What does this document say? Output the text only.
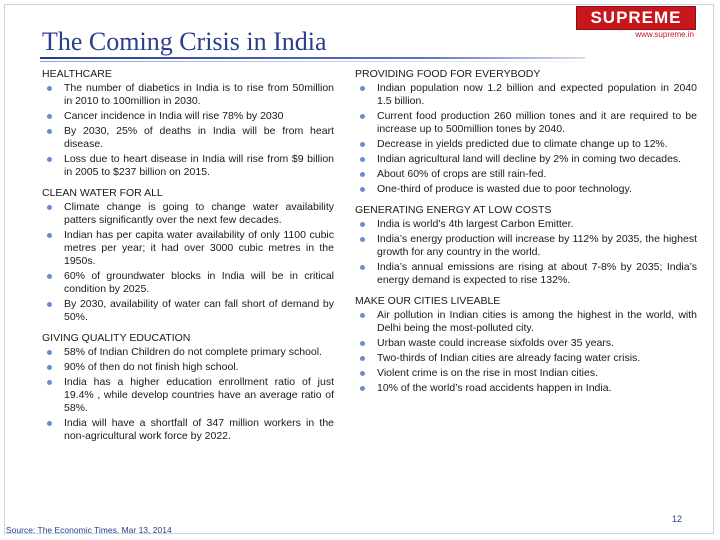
The Coming Crisis in India
SUPREME
www.supreme.in
HEALTHCARE
The number of diabetics in India is to rise from 50million in 2010 to 100million in 2030.
Cancer incidence in India will rise 78% by 2030
By 2030, 25% of deaths in India will be from heart disease.
Loss due to heart disease in India will rise from $9 billion in 2005 to $237 billion on 2015.
CLEAN WATER FOR ALL
Climate change is going to change water availability patters significantly over the next few decades.
Indian has per capita water availability of only 1100 cubic metres per year; it had over 3000 cubic metres in the 1950s.
60% of groundwater blocks in India will be in critical condition by 2025.
By 2030, availability of water can fall short of demand by 50%.
GIVING QUALITY EDUCATION
58% of Indian Children do not complete primary school.
90% of then do not finish high school.
India has a higher education enrollment ratio of just 19.4% , while develop countries have an average ratio of 58%.
India will have a shortfall of 347 million workers in the non-agricultural work force by 2022.
PROVIDING FOOD FOR EVERYBODY
Indian population now 1.2 billion and expected population in 2040 1.5 billion.
Current food production 260 million tones and it are required to be increase up to 500million tones by 2040.
Decrease in yields predicted due to climate change up to 12%.
Indian agricultural land will decline by 2% in coming two decades.
About 60% of crops are still rain-fed.
One-third of produce is wasted due to poor technology.
GENERATING ENERGY AT LOW COSTS
India is world’s 4th largest Carbon Emitter.
India’s energy production will increase by 112% by 2035, the highest growth for any country in the world.
India’s annual emissions are rising at about 7-8% by 2035; India’s energy demand is expected to rise 132%.
MAKE OUR CITIES LIVEABLE
Air pollution in Indian cities is among the highest in the world, with Delhi being the most-polluted city.
Urban waste could increase sixfolds over 35 years.
Two-thirds of Indian cities are already facing water crisis.
Violent crime is on the rise in most Indian cities.
10% of the world’s road accidents happen in India.
Source: The Economic Times. Mar 13, 2014
12
